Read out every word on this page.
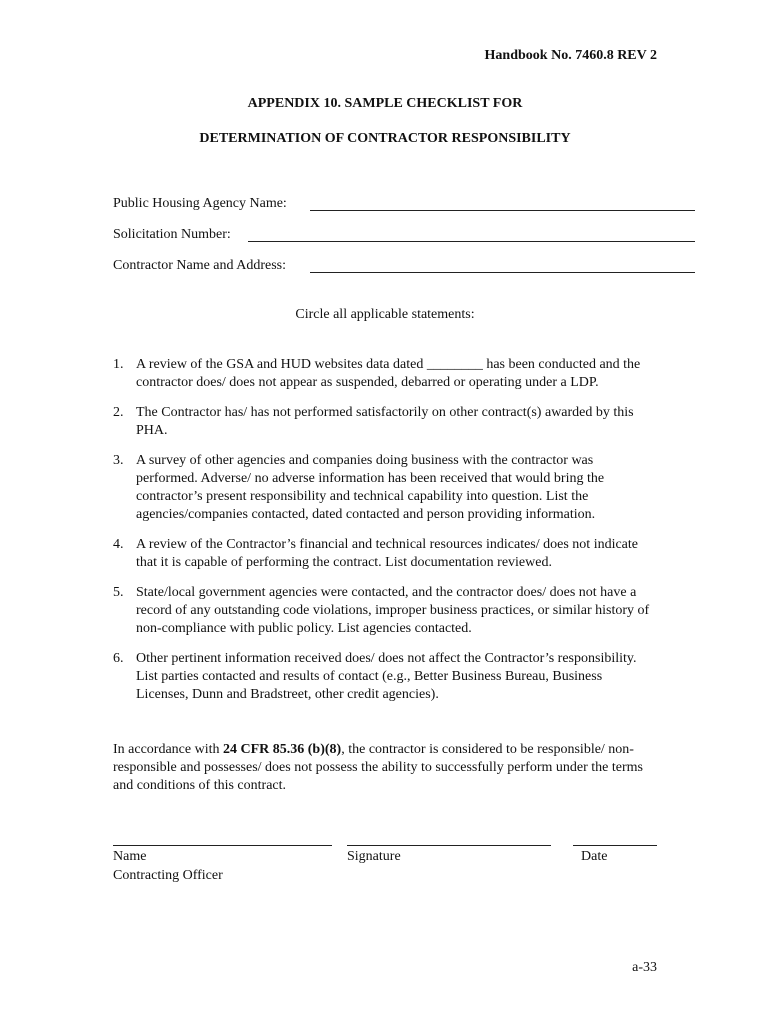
Handbook No. 7460.8 REV 2
APPENDIX 10. SAMPLE CHECKLIST FOR
DETERMINATION OF CONTRACTOR RESPONSIBILITY
Public Housing Agency Name:
Solicitation Number:
Contractor Name and Address:
Circle all applicable statements:
1. A review of the GSA and HUD websites data dated ________ has been conducted and the contractor does/ does not appear as suspended, debarred or operating under a LDP.
2. The Contractor has/ has not performed satisfactorily on other contract(s) awarded by this PHA.
3. A survey of other agencies and companies doing business with the contractor was performed. Adverse/ no adverse information has been received that would bring the contractor’s present responsibility and technical capability into question. List the agencies/companies contacted, dated contacted and person providing information.
4. A review of the Contractor’s financial and technical resources indicates/ does not indicate that it is capable of performing the contract. List documentation reviewed.
5. State/local government agencies were contacted, and the contractor does/ does not have a record of any outstanding code violations, improper business practices, or similar history of non-compliance with public policy. List agencies contacted.
6. Other pertinent information received does/ does not affect the Contractor’s responsibility. List parties contacted and results of contact (e.g., Better Business Bureau, Business Licenses, Dunn and Bradstreet, other credit agencies).
In accordance with 24 CFR 85.36 (b)(8), the contractor is considered to be responsible/ non-responsible and possesses/ does not possess the ability to successfully perform under the terms and conditions of this contract.
Name
Contracting Officer
Signature	Date
a-33
